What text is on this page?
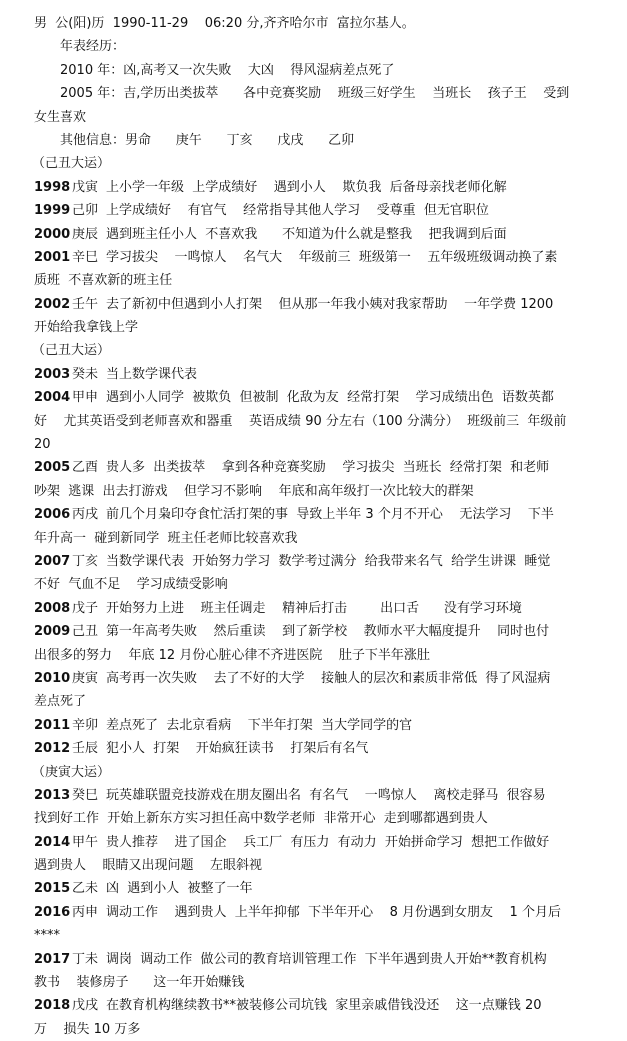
男  公(阳)历  1990-11-29    06:20 分,齐齐哈尔市  富拉尔基人。
年表经历：
2010 年：凶,高考又一次失败    大凶    得风湿病差点死了
2005 年：吉,学历出类拔萃      各中竞赛奖励    班级三好学生    当班长    孩子王    受到
女生喜欢
其他信息：男命      庚午      丁亥      戊戌      乙卯
（己丑大运）
1998 戊寅 上小学一年级  上学成绩好    遇到小人    欺负我  后备母亲找老师化解
1999 己卯 上学成绩好    有官气    经常指导其他人学习    受尊重  但无官职位
2000 庚辰 遇到班主任小人  不喜欢我      不知道为什么就是整我    把我调到后面
2001 辛巳 学习拔尖    一鸣惊人    名气大    年级前三  班级第一    五年级班级调动换了素
质班  不喜欢新的班主任
2002 壬午 去了新初中但遇到小人打架    但从那一年我小姨对我家帮助    一年学费 1200
开始给我拿钱上学
（己丑大运）
2003 癸未 当上数学课代表
2004 甲申 遇到小人同学  被欺负  但被制  化敌为友  经常打架    学习成绩出色  语数英都
好    尤其英语受到老师喜欢和器重    英语成绩 90 分左右（100 分满分）  班级前三  年级前
20
2005 乙酉 贵人多  出类拔萃    拿到各种竞赛奖励    学习拔尖  当班长  经常打架  和老师
吵架  逃课  出去打游戏    但学习不影响    年底和高年级打一次比较大的群架
2006 丙戌 前几个月枭印夺食忙活打架的事  导致上半年 3 个月不开心    无法学习    下半
年升高一  碰到新同学  班主任老师比较喜欢我
2007 丁亥 当数学课代表  开始努力学习  数学考过满分  给我带来名气  给学生讲课  睡觉
不好  气血不足    学习成绩受影响
2008 戊子 开始努力上进    班主任调走    精神后打击        出口舌      没有学习环境
2009 己丑 第一年高考失败    然后重读    到了新学校    教师水平大幅度提升    同时也付
出很多的努力    年底 12 月份心脏心律不齐进医院    肚子下半年涨肚
2010 庚寅 高考再一次失败    去了不好的大学    接触人的层次和素质非常低  得了风湿病
差点死了
2011 辛卯 差点死了  去北京看病    下半年打架  当大学同学的官
2012 壬辰 犯小人  打架    开始疯狂读书    打架后有名气
（庚寅大运）
2013 癸巳 玩英雄联盟竞技游戏在朋友圈出名  有名气    一鸣惊人    离校走驿马  很容易
找到好工作  开始上新东方实习担任高中数学老师  非常开心  走到哪都遇到贵人
2014 甲午 贵人推荐    进了国企    兵工厂  有压力  有动力  开始拼命学习  想把工作做好
遇到贵人    眼睛又出现问题    左眼斜视
2015 乙未 凶  遇到小人  被整了一年
2016 丙申 调动工作    遇到贵人  上半年抑郁  下半年开心    8 月份遇到女朋友    1 个月后
****
2017 丁未 调岗  调动工作  做公司的教育培训管理工作  下半年遇到贵人开始**教育机构
教书    装修房子      这一年开始赚钱
2018 戊戌 在教育机构继续教书**被装修公司坑钱  家里亲戚借钱没还    这一点赚钱 20
万    损失 10 万多
